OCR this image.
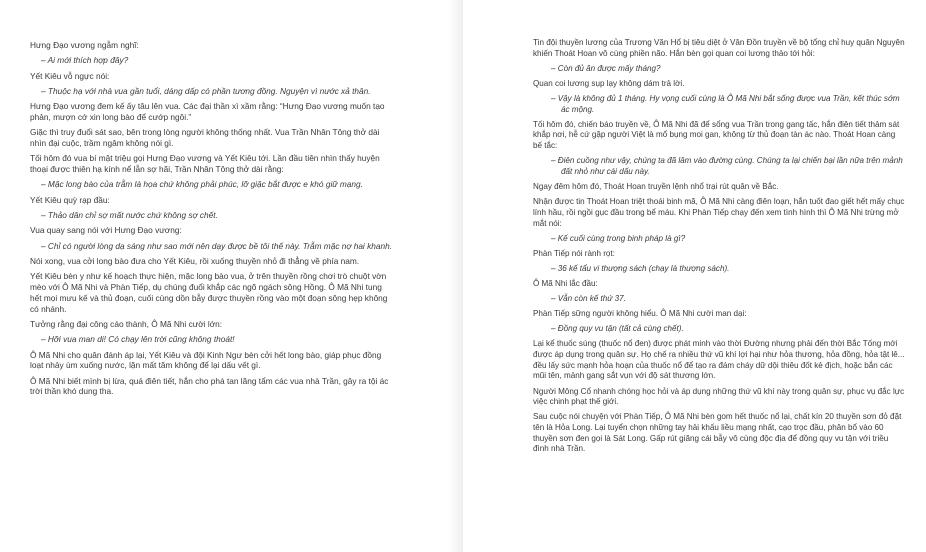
Hưng Đạo vương ngẫm nghĩ:

– Ai mới thích hợp đây?

Yết Kiêu vỗ ngực nói:

– Thuộc hạ với nhà vua gần tuổi, dáng dấp có phần tương đồng. Nguyện vì nước xả thân.

Hưng Đạo vương đem kế ấy tâu lên vua. Các đại thần xì xầm rằng: “Hưng Đạo vương muốn tạo phản, mượn cớ xin long bào để cướp ngôi.”

Giặc thì truy đuổi sát sao, bên trong lòng người không thống nhất. Vua Trần Nhân Tông thở dài nhìn đại cuộc, trầm ngâm không nói gì.

Tối hôm đó vua bí mật triệu gọi Hưng Đạo vương và Yết Kiêu tới. Lần đầu tiên nhìn thấy huyện thoại được thiên hạ kính nể lẫn sợ hãi, Trần Nhân Tông thở dài rằng:

– Mặc long bào của trẫm là họa chứ không phải phúc, lỡ giặc bắt được e khó giữ mạng.

Yết Kiêu quỳ rạp đầu:

– Thảo dân chỉ sợ mất nước chứ không sợ chết.

Vua quay sang nói với Hưng Đạo vương:

– Chỉ có người lòng dạ sáng như sao mới nên dạy được bề tôi thế này. Trẫm mặc nợ hai khanh.

Nói xong, vua cởi long bào đưa cho Yết Kiêu, rồi xuống thuyền nhỏ đi thẳng về phía nam.

Yết Kiêu bèn y như kế hoạch thực hiện, mặc long bào vua, ở trên thuyền rồng chơi trò chuột vờn mèo với Ô Mã Nhi và Phàn Tiếp, dụ chúng đuổi khắp các ngõ ngách sông Hồng. Ô Mã Nhi tung hết mọi mưu kế và thủ đoạn, cuối cùng dồn bẫy được thuyền rồng vào một đoạn sông hẹp không có nhánh.

Tưởng rằng đại công cáo thành, Ô Mã Nhi cười lớn:

– Hỡi vua man di! Có chạy lên trời cũng không thoát!

Ô Mã Nhi cho quân đánh áp lại, Yết Kiêu và đội Kinh Ngư bèn cởi hết long bào, giáp phục đồng loạt nhảy ùm xuống nước, lặn mất tăm không để lại dấu vết gì.

Ô Mã Nhi biết mình bị lừa, quá điên tiết, hắn cho phá tan lăng tẩm các vua nhà Trần, gây ra tội ác trời thần khó dung tha.

Tin đội thuyền lương của Trương Văn Hổ bị tiêu diệt ở Vân Đồn truyền về bộ tổng chỉ huy quân Nguyên khiến Thoát Hoan vô cùng phiền não. Hắn bèn gọi quan coi lương thảo tới hỏi:

– Còn đủ ăn được mấy tháng?

Quan coi lương sụp lạy không dám trả lời.

– Vậy là không đủ 1 tháng. Hy vọng cuối cùng là Ô Mã Nhi bắt sống được vua Trần, kết thúc sớm ác mộng.

Tối hôm đó, chiến báo truyền về, Ô Mã Nhi đã để sổng vua Trần trong gang tấc, hắn điên tiết thảm sát khắp nơi, hễ cứ gặp người Việt là mổ bụng moi gan, không từ thủ đoạn tàn ác nào. Thoát Hoan càng bế tắc:

– Điên cuồng như vậy, chúng ta đã lâm vào đường cùng. Chúng ta lại chiến bại lần nữa trên mảnh đất nhỏ như cái dấu này.

Ngay đêm hôm đó, Thoát Hoan truyền lệnh nhổ trại rút quân về Bắc.

Nhận được tin Thoát Hoan triệt thoái binh mã, Ô Mã Nhi càng điên loạn, hắn tuốt đao giết hết mấy chục lính hầu, rồi ngồi gục đầu trong bể máu. Khi Phàn Tiếp chạy đến xem tình hình thì Ô Mã Nhi trừng mở mắt nói:

– Kế cuối cùng trong binh pháp là gì?

Phàn Tiếp nói rành rọt:

– 36 kế tẩu vi thượng sách (chạy là thượng sách).

Ô Mã Nhi lắc đầu:

– Vẫn còn kế thứ 37.

Phàn Tiếp sững người không hiểu. Ô Mã Nhi cười man dại:

– Đồng quy vu tận (tất cả cùng chết).

Lại kể thuốc súng (thuốc nổ đen) được phát minh vào thời Đường nhưng phải đến thời Bắc Tống mới được áp dụng trong quân sự. Họ chế ra nhiều thứ vũ khí lợi hại như hỏa thương, hỏa đồng, hỏa tật lê... đều lấy sức mạnh hỏa hoạn của thuốc nổ để tạo ra đám cháy dữ dội thiêu đốt kẻ địch, hoặc bắn các mũi tên, mảnh gang sắt vụn với độ sát thương lớn.

Người Mông Cổ nhanh chóng học hỏi và áp dụng những thứ vũ khí này trong quân sự, phục vụ đắc lực việc chinh phạt thế giới.

Sau cuộc nói chuyện với Phàn Tiếp, Ô Mã Nhi bèn gom hết thuốc nổ lại, chất kín 20 thuyền sơn đỏ đặt tên là Hỏa Long. Lại tuyển chọn những tay hải khấu liều mạng nhất, cạo trọc đầu, phân bổ vào 60 thuyền sơn đen gọi là Sát Long. Gấp rút giăng cái bẫy vô cùng độc địa để đồng quy vu tận với triều đình nhà Trần.
